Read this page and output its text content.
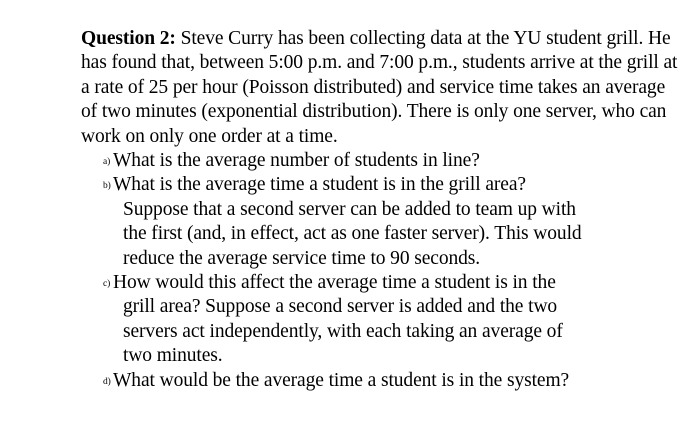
Question 2: Steve Curry has been collecting data at the YU student grill. He has found that, between 5:00 p.m. and 7:00 p.m., students arrive at the grill at a rate of 25 per hour (Poisson distributed) and service time takes an average of two minutes (exponential distribution). There is only one server, who can work on only one order at a time.

a) What is the average number of students in line?
b) What is the average time a student is in the grill area?
Suppose that a second server can be added to team up with
the first (and, in effect, act as one faster server). This would
reduce the average service time to 90 seconds.
c) How would this affect the average time a student is in the
grill area? Suppose a second server is added and the two
servers act independently, with each taking an average of
two minutes.
d) What would be the average time a student is in the system?
